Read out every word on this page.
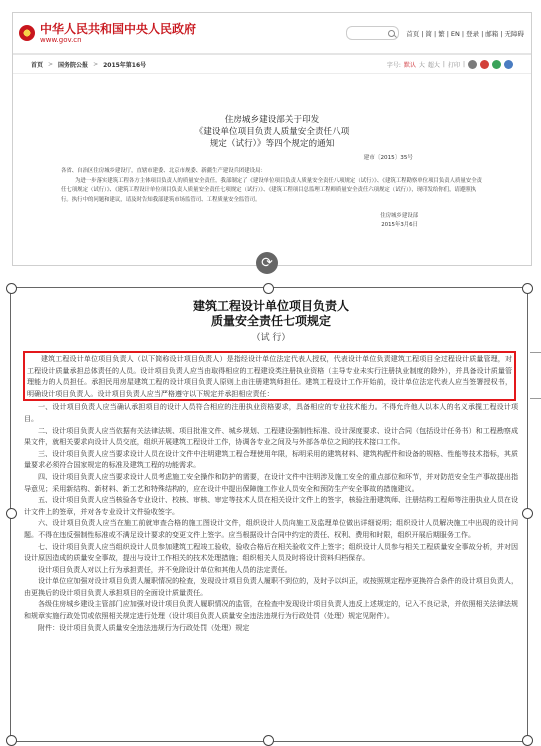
中华人民共和国中央人民政府
www.gov.cn
首页 | 简 | 繁 | EN | 登录 | 邮箱 | 无障碍
首页 > 国务院公报 > 2015年第16号	字号: 默认 大 超大 | 打印 |
住房城乡建设部关于印发
《建设单位项目负责人质量安全责任八项
规定（试行）》等四个规定的通知
建市〔2015〕35号

各省、自治区住房城乡建设厅，直辖市建委、北京市规委、新疆生产建设兵团建设局：

为进一步落实建筑工程各方主体项目负责人的质量安全责任，我部制定了《建设单位项目负责人质量安全责任八项规定（试行）》、《建筑工程勘察单位项目负责人质量安全责任七项规定（试行）》、《建筑工程设计单位项目负责人质量安全责任七项规定（试行）》、《建筑工程项目总监理工程师质量安全责任六项规定（试行）》，现印发给你们，请遵照执行。执行中的问题和建议，请及时告知我部建筑市场监管司、工程质量安全监管司。

住房城乡建设部
2015年3月6日
⟳
建筑工程设计单位项目负责人
质量安全责任七项规定
（试 行）

建筑工程设计单位项目负责人（以下简称设计项目负责人）是指经设计单位法定代表人授权，代表设计单位负责建筑工程项目全过程设计质量管理，对工程设计质量承担总体责任的人员。设计项目负责人应当由取得相应的工程建设类注册执业资格（主导专业未实行注册执业制度的除外），并具备设计质量管理能力的人员担任。承担民用房屋建筑工程的设计项目负责人原则上由注册建筑师担任。建筑工程设计工作开始前，设计单位法定代表人应当签署授权书，明确设计项目负责人。设计项目负责人应当严格遵守以下规定并承担相应责任：

一、设计项目负责人应当确认承担项目的设计人员符合相应的注册执业资格要求，具备相应的专业技术能力。不得允许他人以本人的名义承揽工程设计项目。

二、设计项目负责人应当依据有关法律法规、项目批准文件、城乡规划、工程建设强制性标准、设计深度要求、设计合同（包括设计任务书）和工程勘察成果文件，就相关要求向设计人员交底，组织开展建筑工程设计工作，协调各专业之间及与外部各单位之间的技术接口工作。

三、设计项目负责人应当要求设计人员在设计文件中注明建筑工程合理使用年限，标明采用的建筑材料、建筑构配件和设备的规格、性能等技术指标，其质量要求必须符合国家规定的标准及建筑工程的功能需求。

四、设计项目负责人应当要求设计人员考虑施工安全操作和防护的需要，在设计文件中注明涉及施工安全的重点部位和环节，并对防范安全生产事故提出指导意见；采用新结构、新材料、新工艺和特殊结构的，应在设计中提出保障施工作业人员安全和预防生产安全事故的措施建议。

五、设计项目负责人应当核验各专业设计、校核、审核、审定等技术人员在相关设计文件上的签字，核验注册建筑师、注册结构工程师等注册执业人员在设计文件上的签章，并对各专业设计文件验收签字。

六、设计项目负责人应当在施工前就审查合格的施工图设计文件，组织设计人员向施工及监理单位做出详细说明；组织设计人员解决施工中出现的设计问题。不得在违反强制性标准或不满足设计要求的变更文件上签字。应当根据设计合同中约定的责任、权利、费用和时限，组织开展后期服务工作。

七、设计项目负责人应当组织设计人员参加建筑工程竣工验收，验收合格后在相关验收文件上签字；组织设计人员参与相关工程质量安全事故分析，并对因设计原因造成的质量安全事故，提出与设计工作相关的技术处理措施；组织相关人员及时将设计资料归档保存。

设计项目负责人对以上行为承担责任，并不免除设计单位和其他人员的法定责任。

设计单位应加强对设计项目负责人履职情况的检查，发现设计项目负责人履职不到位的，及时予以纠正，或按照规定程序更换符合条件的设计项目负责人，由更换后的设计项目负责人承担项目的全面设计质量责任。

各级住房城乡建设主管部门应加强对设计项目负责人履职情况的监管，在检查中发现设计项目负责人违反上述规定的，记入不良记录，并依照相关法律法规和规章实施行政处罚或依照相关规定进行处理（设计项目负责人质量安全违法违规行为行政处罚（处理）规定见附件）。

附件：设计项目负责人质量安全违法违规行为行政处罚（处理）规定
